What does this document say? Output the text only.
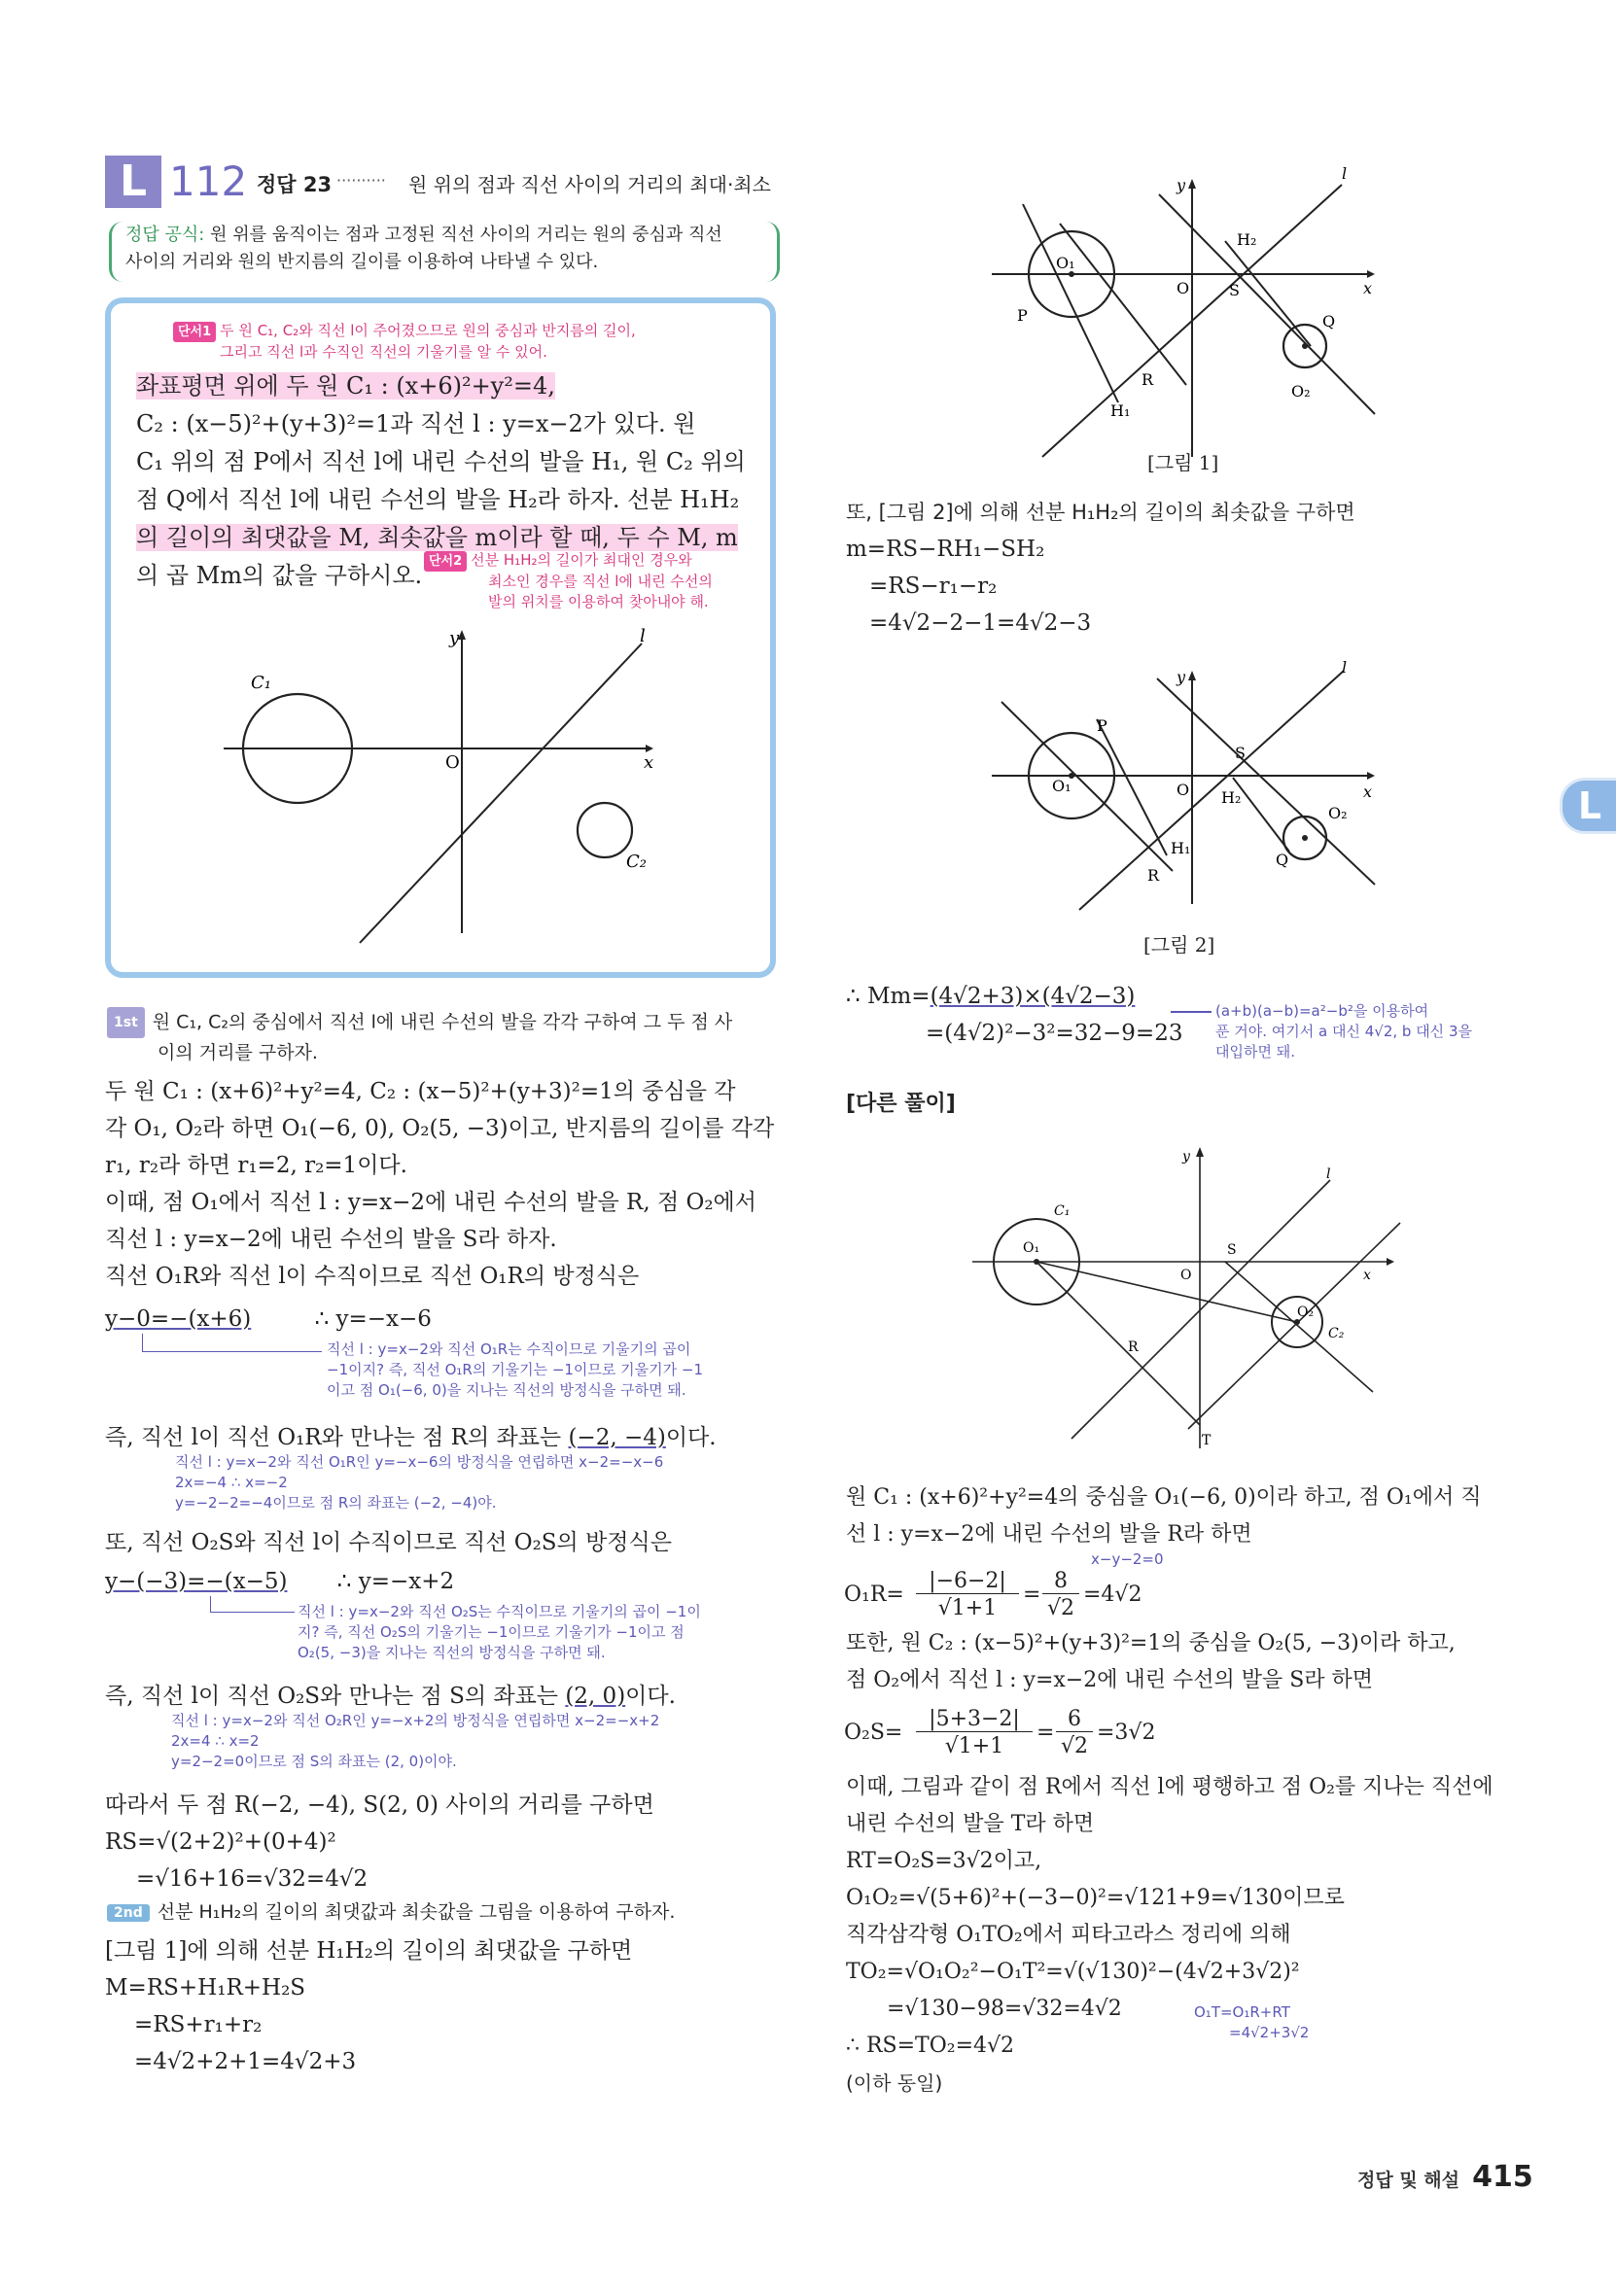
L 112 정답 23 ·········· 원 위의 점과 직선 사이의 거리의 최대·최소
정답 공식: 원 위를 움직이는 점과 고정된 직선 사이의 거리는 원의 중심과 직선
사이의 거리와 원의 반지름의 길이를 이용하여 나타낼 수 있다.
단서1 두 원 C₁, C₂와 직선 l이 주어졌으므로 원의 중심과 반지름의 길이,
그리고 직선 l과 수직인 직선의 기울기를 알 수 있어.
좌표평면 위에 두 원 C₁ : (x+6)²+y²=4,
C₂ : (x−5)²+(y+3)²=1과 직선 l : y=x−2가 있다. 원
C₁ 위의 점 P에서 직선 l에 내린 수선의 발을 H₁, 원 C₂ 위의
점 Q에서 직선 l에 내린 수선의 발을 H₂라 하자. 선분 H₁H₂
의 길이의 최댓값을 M, 최솟값을 m이라 할 때, 두 수 M, m
의 곱 Mm의 값을 구하시오.
단서2 선분 H₁H₂의 길이가 최대인 경우와
최소인 경우를 직선 l에 내린 수선의
발의 위치를 이용하여 찾아내야 해.
y	l
x
O
C₁
C₂
1st 원 C₁, C₂의 중심에서 직선 l에 내린 수선의 발을 각각 구하여 그 두 점 사
이의 거리를 구하자.
두 원 C₁ : (x+6)²+y²=4, C₂ : (x−5)²+(y+3)²=1의 중심을 각
각 O₁, O₂라 하면 O₁(−6, 0), O₂(5, −3)이고, 반지름의 길이를 각각
r₁, r₂라 하면 r₁=2, r₂=1이다.
이때, 점 O₁에서 직선 l : y=x−2에 내린 수선의 발을 R, 점 O₂에서
직선 l : y=x−2에 내린 수선의 발을 S라 하자.
직선 O₁R와 직선 l이 수직이므로 직선 O₁R의 방정식은
y−0=−(x+6)	∴ y=−x−6
직선 l : y=x−2와 직선 O₁R는 수직이므로 기울기의 곱이
−1이지? 즉, 직선 O₁R의 기울기는 −1이므로 기울기가 −1
이고 점 O₁(−6, 0)을 지나는 직선의 방정식을 구하면 돼.
즉, 직선 l이 직선 O₁R와 만나는 점 R의 좌표는 (−2, −4)이다.
직선 l : y=x−2와 직선 O₁R인 y=−x−6의 방정식을 연립하면 x−2=−x−6
2x=−4 ∴ x=−2
y=−2−2=−4이므로 점 R의 좌표는 (−2, −4)야.
또, 직선 O₂S와 직선 l이 수직이므로 직선 O₂S의 방정식은
y−(−3)=−(x−5) ∴ y=−x+2
직선 l : y=x−2와 직선 O₂S는 수직이므로 기울기의 곱이 −1이
지? 즉, 직선 O₂S의 기울기는 −1이므로 기울기가 −1이고 점
O₂(5, −3)을 지나는 직선의 방정식을 구하면 돼.
즉, 직선 l이 직선 O₂S와 만나는 점 S의 좌표는 (2, 0)이다.
직선 l : y=x−2와 직선 O₂R인 y=−x+2의 방정식을 연립하면 x−2=−x+2
2x=4 ∴ x=2
y=2−2=0이므로 점 S의 좌표는 (2, 0)이야.
따라서 두 점 R(−2, −4), S(2, 0) 사이의 거리를 구하면
RS=√(2+2)²+(0+4)²
=√16+16=√32=4√2
2nd 선분 H₁H₂의 길이의 최댓값과 최솟값을 그림을 이용하여 구하자.
[그림 1]에 의해 선분 H₁H₂의 길이의 최댓값을 구하면
M=RS+H₁R+H₂S
=RS+r₁+r₂
=4√2+2+1=4√2+3
y
l
O₁
H₂
x
O	S
P	Q
R
H₁
O₂
[그림 1]
또, [그림 2]에 의해 선분 H₁H₂의 길이의 최솟값을 구하면
m=RS−RH₁−SH₂
=RS−r₁−r₂
=4√2−2−1=4√2−3
y
l
P
S
x
O₁	O H₂
O₂
H₁
R
Q
[그림 2]
∴ Mm=(4√2+3)×(4√2−3)
=(4√2)²−3²=32−9=23
(a+b)(a−b)=a²−b²을 이용하여
푼 거야. 여기서 a 대신 4√2, b 대신 3을
대입하면 돼.
[다른 풀이]
y
l
C₁
O₁	S
O	x
O₂
C₂
R
T
원 C₁ : (x+6)²+y²=4의 중심을 O₁(−6, 0)이라 하고, 점 O₁에서 직
선 l : y=x−2에 내린 수선의 발을 R라 하면
x−y−2=0
O₁R=
|−6−2|
√1+1
=
8
√2
=4√2
또한, 원 C₂ : (x−5)²+(y+3)²=1의 중심을 O₂(5, −3)이라 하고,
점 O₂에서 직선 l : y=x−2에 내린 수선의 발을 S라 하면
O₂S=
|5+3−2|
√1+1
=
6
√2
=3√2
이때, 그림과 같이 점 R에서 직선 l에 평행하고 점 O₂를 지나는 직선에
내린 수선의 발을 T라 하면
RT=O₂S=3√2이고,
O₁O₂=√(5+6)²+(−3−0)²=√121+9=√130이므로
직각삼각형 O₁TO₂에서 피타고라스 정리에 의해
TO₂=√O₁O₂²−O₁T²=√(√130)²−(4√2+3√2)²
=√130−98=√32=4√2
∴ RS=TO₂=4√2
(이하 동일)
O₁T=O₁R+RT
=4√2+3√2
L
정답 및 해설 415
